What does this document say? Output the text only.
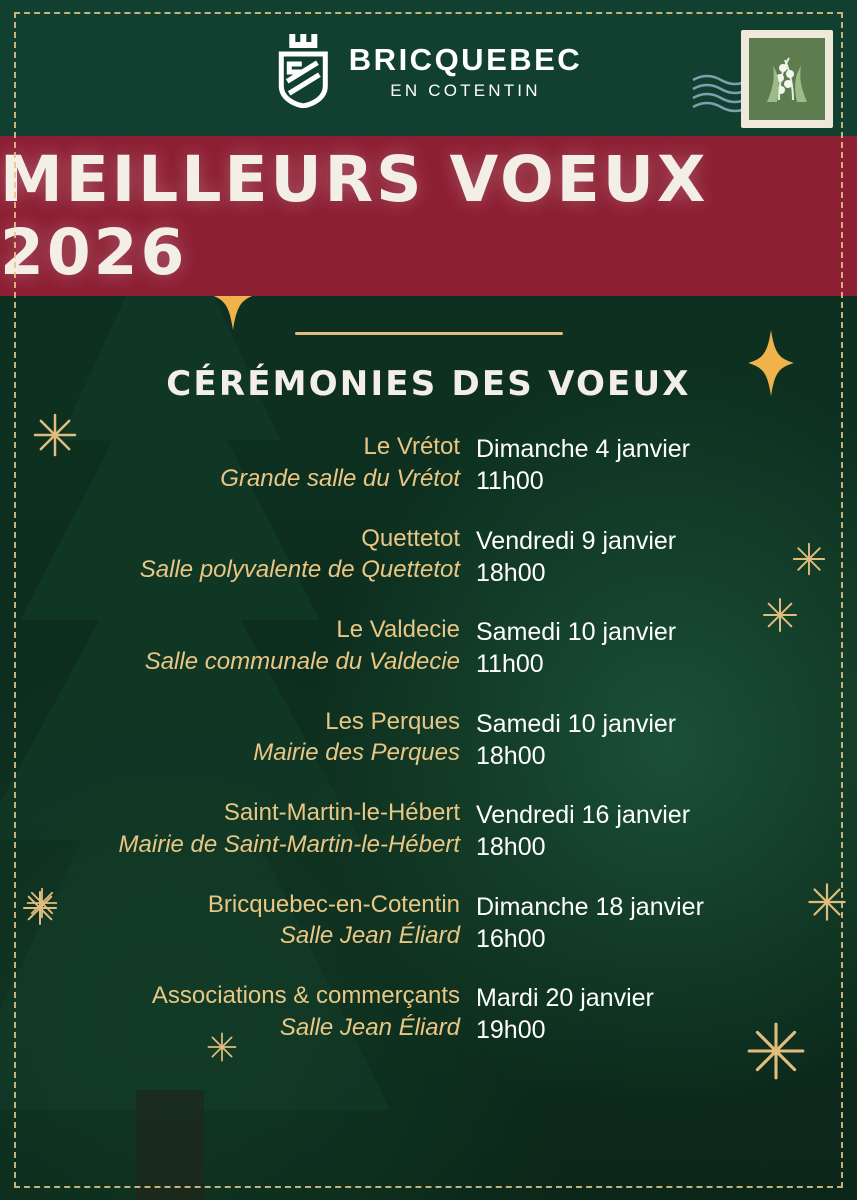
BRICQUEBEC
EN COTENTIN
MEILLEURS VOEUX 2026
CÉRÉMONIES DES VOEUX
Le Vrétot
Grande salle du Vrétot
Dimanche 4 janvier
11h00
Quettetot
Salle polyvalente de Quettetot
Vendredi 9 janvier
18h00
Le Valdecie
Salle communale du Valdecie
Samedi 10 janvier
11h00
Les Perques
Mairie des Perques
Samedi 10 janvier
18h00
Saint-Martin-le-Hébert
Mairie de Saint-Martin-le-Hébert
Vendredi 16 janvier
18h00
Bricquebec-en-Cotentin
Salle Jean Éliard
Dimanche 18 janvier
16h00
Associations & commerçants
Salle Jean Éliard
Mardi 20 janvier
19h00
